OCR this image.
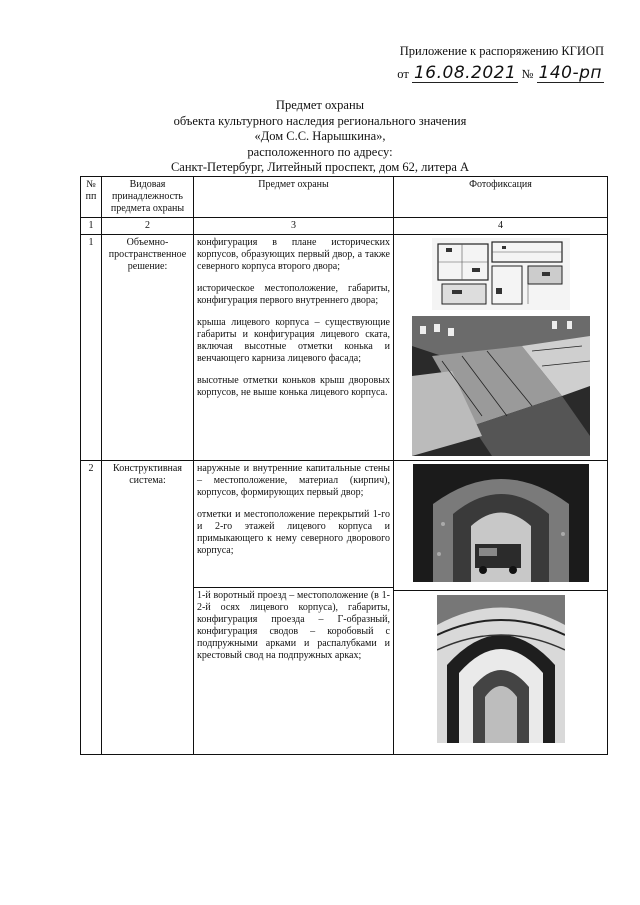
Приложение к распоряжению КГИОП
от 16.08.2021 № 140-рп
Предмет охраны
объекта культурного наследия регионального значения
«Дом С.С. Нарышкина»,
расположенного по адресу:
Санкт-Петербург, Литейный проспект, дом 62, литера А
№ пп	Видовая принадлежность предмета охраны	Предмет охраны	Фотофиксация
1	2	3	4
1	Объемно-пространственное решение:	конфигурация в плане исторических корпусов, образующих первый двор, а также северного корпуса второго двора;
историческое местоположение, габариты, конфигурация первого внутреннего двора;
крыша лицевого корпуса – существующие габариты и конфигурация лицевого ската, включая высотные отметки конька и венчающего карниза лицевого фасада;
высотные отметки коньков крыш дворовых корпусов, не выше конька лицевого корпуса.

2	Конструктивная система:	наружные и внутренние капитальные стены – местоположение, материал (кирпич), корпусов, формирующих первый двор;
отметки и местоположение перекрытий 1-го и 2-го этажей лицевого корпуса и примыкающего к нему северного дворового корпуса;
1-й воротный проезд – местоположение (в 1-2-й осях лицевого корпуса), габариты, конфигурация проезда – Г-образный, конфигурация сводов – коробовый с подпружными арками и распалубками и крестовый свод на подпружных арках;
